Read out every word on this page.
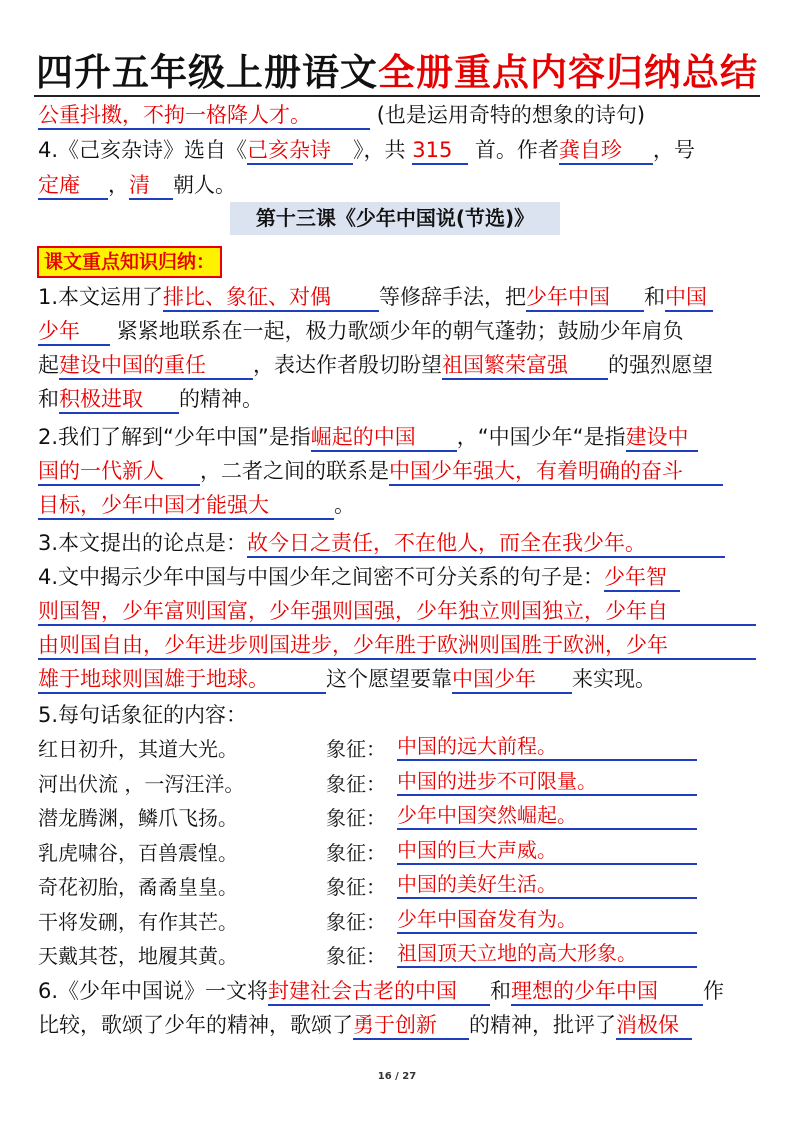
四升五年级上册语文全册重点内容归纳总结
公重抖擞，不拘一格降人才。	(也是运用奇特的想象的诗句)
4.《己亥杂诗》选自《己亥杂诗 》，共 315 首。作者龚自珍 ，号
定庵 ，清 朝人。
第十三课《少年中国说(节选)》
课文重点知识归纳：
1.本文运用了排比、象征、对偶 等修辞手法，把少年中国 和中国
少年 紧紧地联系在一起，极力歌颂少年的朝气蓬勃；鼓励少年肩负
起建设中国的重任 ，表达作者殷切盼望祖国繁荣富强 的强烈愿望
和积极进取 的精神。
2.我们了解到“少年中国”是指崛起的中国 ，“中国少年“是指建设中
国的一代新人 ，二者之间的联系是中国少年强大，有着明确的奋斗
目标，少年中国才能强大	。
3.本文提出的论点是：故今日之责任，不在他人，而全在我少年。
4.文中揭示少年中国与中国少年之间密不可分关系的句子是：少年智
则国智，少年富则国富，少年强则国强，少年独立则国独立，少年自
由则国自由，少年进步则国进步，少年胜于欧洲则国胜于欧洲，少年
雄于地球则国雄于地球。	这个愿望要靠中国少年 来实现。
5.每句话象征的内容：
红日初升，其道大光。	象征： 中国的远大前程。
河出伏流 ，一泻汪洋。	象征： 中国的进步不可限量。
潜龙腾渊，鳞爪飞扬。	象征： 少年中国突然崛起。
乳虎啸谷，百兽震惶。	象征： 中国的巨大声威。
奇花初胎，矞矞皇皇。	象征： 中国的美好生活。
干将发硎，有作其芒。	象征： 少年中国奋发有为。
天戴其苍，地履其黄。	象征： 祖国顶天立地的高大形象。
6.《少年中国说》一文将封建社会古老的中国 和理想的少年中国 作
比较，歌颂了少年的精神，歌颂了勇于创新 的精神，批评了消极保
16 / 27
